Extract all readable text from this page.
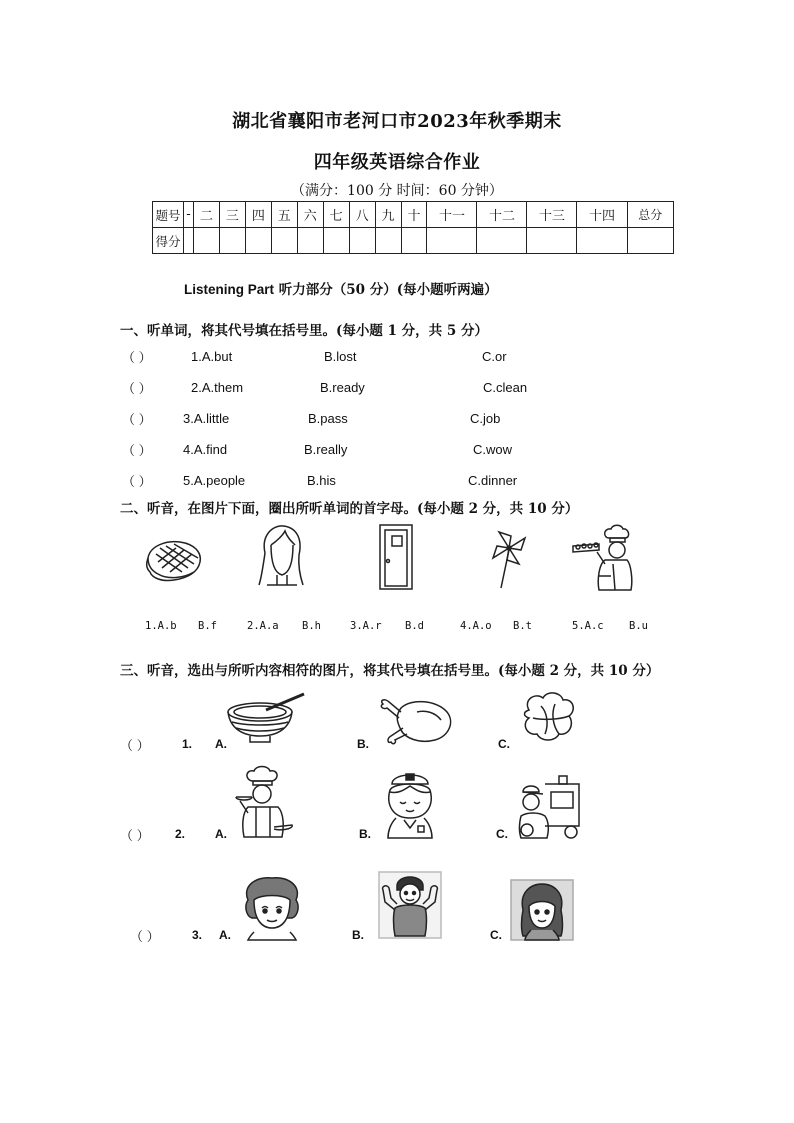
湖北省襄阳市老河口市2023年秋季期末
四年级英语综合作业
（满分：100 分 时间：60 分钟）
题号	-	二	三	四	五	六	七	八	九	十	十一	十二	十三	十四	总分
得分															
Listening Part 听力部分（50 分）(每小题听两遍）
一、听单词，将其代号填在括号里。(每小题 1 分，共 5 分）
（ ）	1.A.but	B.lost	C.or
（ ）	2.A.them	B.ready	C.clean
（ ） 3.A.little	B.pass	C.job
（ ） 4.A.find	B.really	C.wow
（ ） 5.A.people	B.his	C.dinner
二、听音，在图片下面，圈出所听单词的首字母。(每小题 2 分，共 10 分）
1.A.b B.f	2.A.a B.h	3.A.r B.d	4.A.o B.t	5.A.c B.u
三、听音，选出与所听内容相符的图片，将其代号填在括号里。(每小题 2 分，共 10 分）
（ ）	1. A.	B.	C.
（ ） 2. A.	B.	C.
（ ）	3. A.	B.	C.
